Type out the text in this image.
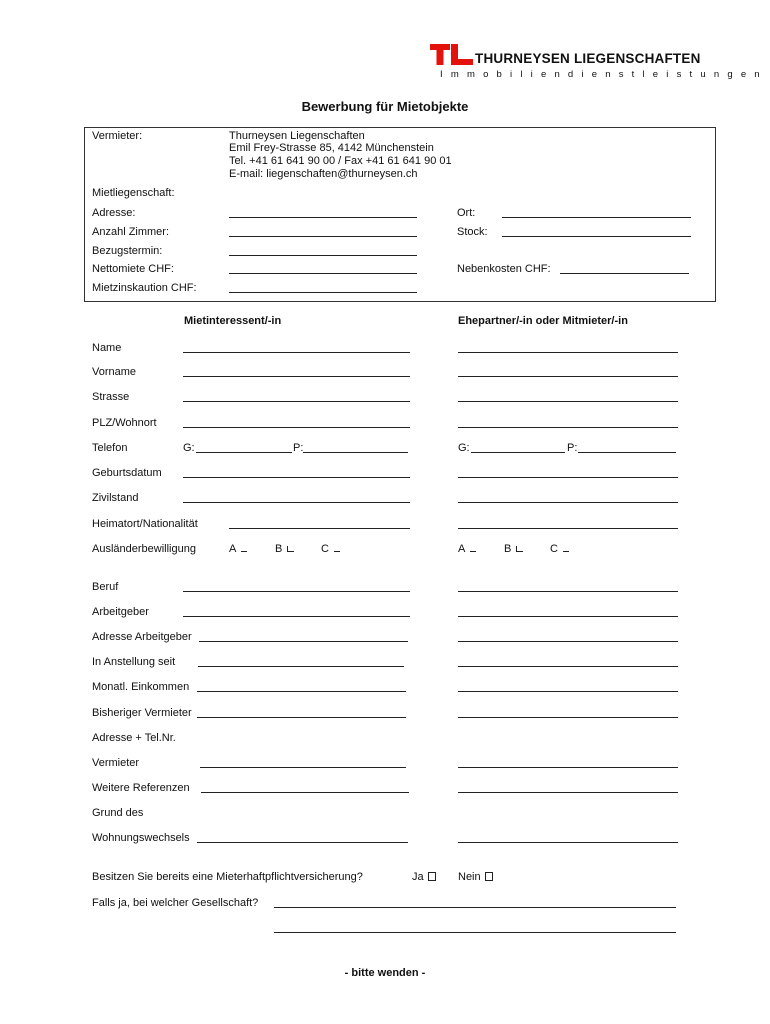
THURNEYSEN LIEGENSCHAFTEN
Immobiliendienstleistungen
Bewerbung für Mietobjekte
Vermieter:	Thurneysen Liegenschaften
Emil Frey-Strasse 85, 4142 Münchenstein
Tel. +41 61 641 90 00 / Fax +41 61 641 90 01
E-mail: liegenschaften@thurneysen.ch
Mietliegenschaft:
Adresse:	Ort:
Anzahl Zimmer:	Stock:
Bezugstermin:
Nettomiete CHF:	Nebenkosten CHF:
Mietzinskaution CHF:
Mietinteressent/-in	Ehepartner/-in oder Mitmieter/-in
Name
Vorname
Strasse
PLZ/Wohnort
Telefon	G:	P:	G:	P:
Geburtsdatum
Zivilstand
Heimatort/Nationalität
Ausländerbewilligung	A	B	C	A	B	C
Beruf
Arbeitgeber
Adresse Arbeitgeber
In Anstellung seit
Monatl. Einkommen
Bisheriger Vermieter
Adresse + Tel.Nr.
Vermieter
Weitere Referenzen
Grund des
Wohnungswechsels
Besitzen Sie bereits eine Mieterhaftpflichtversicherung?	Ja	Nein
Falls ja, bei welcher Gesellschaft?
- bitte wenden -
